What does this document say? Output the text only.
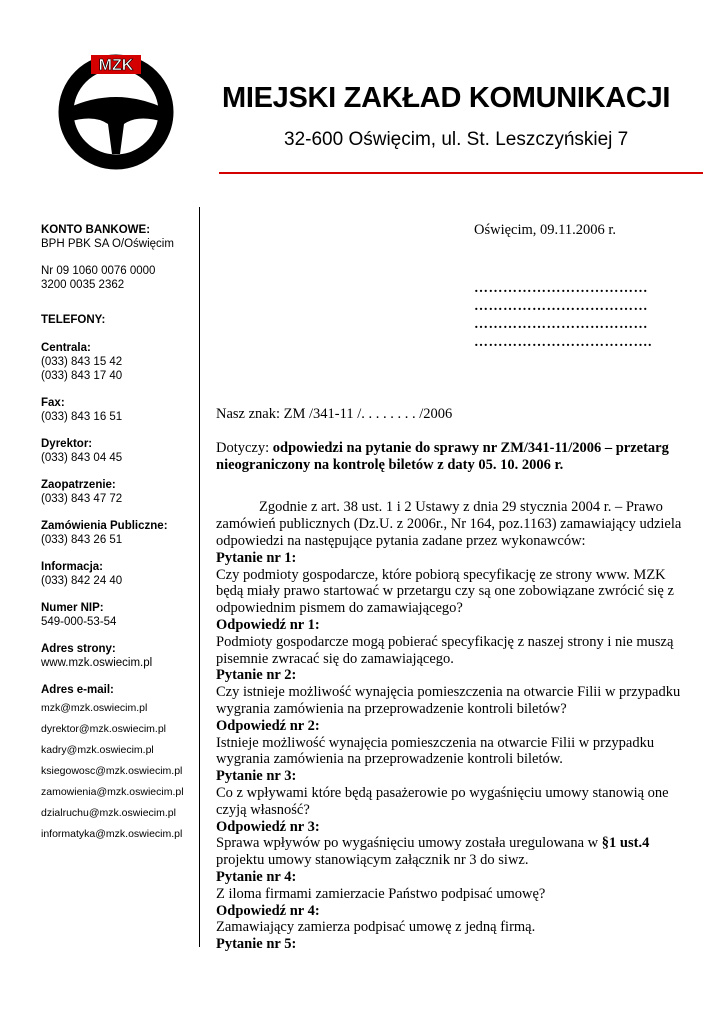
MZK
MIEJSKI ZAKŁAD KOMUNIKACJI
32-600 Oświęcim, ul. St. Leszczyńskiej 7
KONTO BANKOWE:
BPH PBK SA O/Oświęcim
Nr 09 1060 0076 0000
3200 0035 2362
TELEFONY:
Centrala:
(033) 843 15 42
(033) 843 17 40
Fax:
(033) 843 16 51
Dyrektor:
(033) 843 04 45
Zaopatrzenie:
(033) 843 47 72
Zamówienia Publiczne:
(033) 843 26 51
Informacja:
(033) 842 24 40
Numer NIP:
549-000-53-54
Adres strony:
www.mzk.oswiecim.pl
Adres e-mail:
mzk@mzk.oswiecim.pl
dyrektor@mzk.oswiecim.pl
kadry@mzk.oswiecim.pl
ksiegowosc@mzk.oswiecim.pl
zamowienia@mzk.oswiecim.pl
dzialruchu@mzk.oswiecim.pl
informatyka@mzk.oswiecim.pl
Oświęcim, 09.11.2006 r.
………………………………
………………………………
………………………………
……………………………….

Nasz znak: ZM /341-11 /. . . . . . . . /2006

Dotyczy: odpowiedzi na pytanie do sprawy nr ZM/341-11/2006 – przetarg nieograniczony na kontrolę biletów z daty 05. 10. 2006 r.

Zgodnie z art. 38 ust. 1 i 2 Ustawy z dnia 29 stycznia 2004 r. – Prawo zamówień publicznych (Dz.U. z 2006r., Nr 164, poz.1163) zamawiający udziela odpowiedzi na następujące pytania zadane przez wykonawców:

Pytanie nr 1:

Czy podmioty gospodarcze, które pobiorą specyfikację ze strony www. MZK będą miały prawo startować w przetargu czy są one zobowiązane zwrócić się z odpowiednim pismem do zamawiającego?

Odpowiedź nr 1:

Podmioty gospodarcze mogą pobierać specyfikację z naszej strony i nie muszą pisemnie zwracać się do zamawiającego.

Pytanie nr 2:

Czy istnieje możliwość wynajęcia pomieszczenia na otwarcie Filii w przypadku wygrania zamówienia na przeprowadzenie kontroli biletów?

Odpowiedź nr 2:

Istnieje możliwość wynajęcia pomieszczenia na otwarcie Filii w przypadku wygrania zamówienia na przeprowadzenie kontroli biletów.

Pytanie nr 3:

Co z wpływami które będą pasażerowie po wygaśnięciu umowy stanowią one czyją własność?

Odpowiedź nr 3:

Sprawa wpływów po wygaśnięciu umowy została uregulowana w §1 ust.4
projektu umowy stanowiącym załącznik nr 3 do siwz.

Pytanie nr 4:

Z iloma firmami zamierzacie Państwo podpisać umowę?

Odpowiedź nr 4:

Zamawiający zamierza podpisać umowę z jedną firmą.

Pytanie nr 5:
